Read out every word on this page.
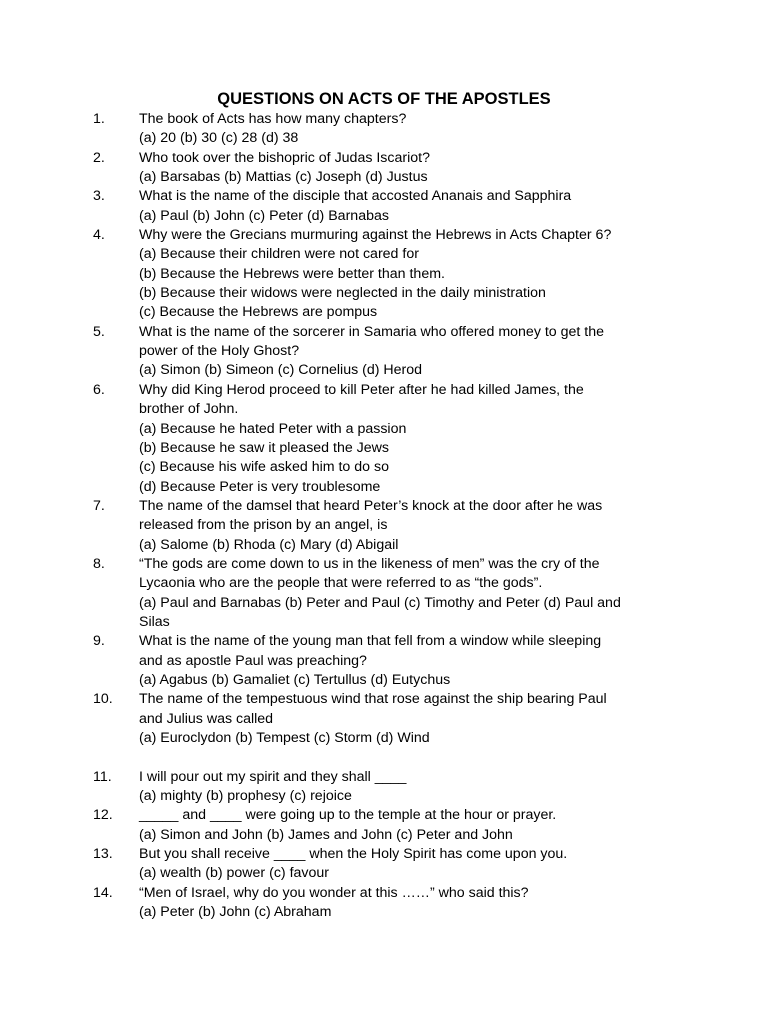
QUESTIONS ON ACTS OF THE APOSTLES
1. The book of Acts has how many chapters?
(a) 20 (b) 30 (c) 28 (d) 38
2. Who took over the bishopric of Judas Iscariot?
(a) Barsabas (b) Mattias (c) Joseph (d) Justus
3. What is the name of the disciple that accosted Ananais and Sapphira
(a) Paul (b) John (c) Peter (d) Barnabas
4. Why were the Grecians murmuring against the Hebrews in Acts Chapter 6?
(a) Because their children were not cared for
(b) Because the Hebrews were better than them.
(b) Because their widows were neglected in the daily ministration
(c) Because the Hebrews are pompus
5. What is the name of the sorcerer in Samaria who offered money to get the
power of the Holy Ghost?
(a) Simon (b) Simeon (c) Cornelius (d) Herod
6. Why did King Herod proceed to kill Peter after he had killed James, the
brother of John.
(a) Because he hated Peter with a passion
(b) Because he saw it pleased the Jews
(c) Because his wife asked him to do so
(d) Because Peter is very troublesome
7. The name of the damsel that heard Peter’s knock at the door after he was
released from the prison by an angel, is
(a) Salome (b) Rhoda (c) Mary (d) Abigail
8. “The gods are come down to us in the likeness of men” was the cry of the
Lycaonia who are the people that were referred to as “the gods”.
(a) Paul and Barnabas (b) Peter and Paul (c) Timothy and Peter (d) Paul and
Silas
9. What is the name of the young man that fell from a window while sleeping
and as apostle Paul was preaching?
(a) Agabus (b) Gamaliet (c) Tertullus (d) Eutychus
10. The name of the tempestuous wind that rose against the ship bearing Paul
and Julius was called
(a) Euroclydon (b) Tempest (c) Storm (d) Wind
11. I will pour out my spirit and they shall ____
(a) mighty (b) prophesy (c) rejoice
12. _____ and ____ were going up to the temple at the hour or prayer.
(a) Simon and John (b) James and John (c) Peter and John
13. But you shall receive ____ when the Holy Spirit has come upon you.
(a) wealth (b) power (c) favour
14. “Men of Israel, why do you wonder at this ……” who said this?
(a) Peter (b) John (c) Abraham
